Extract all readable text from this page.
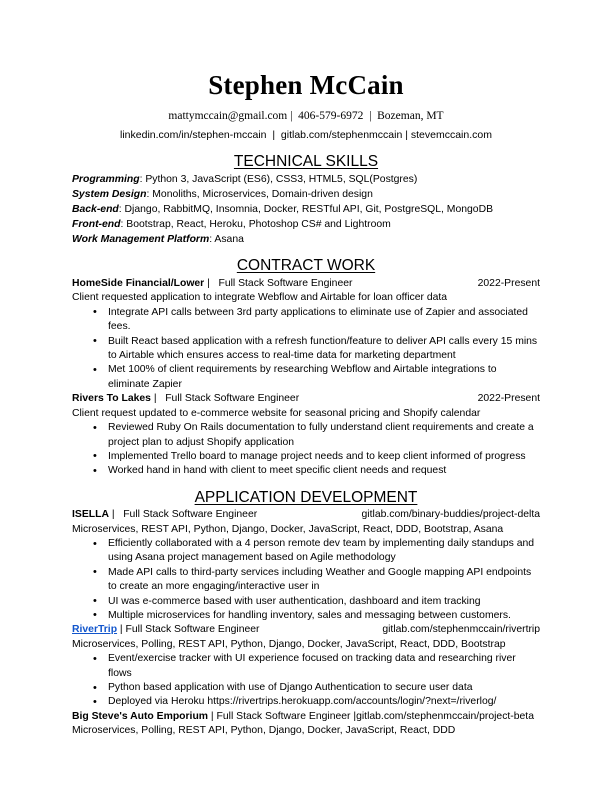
Stephen McCain
mattymccain@gmail.com |  406-579-6972  |  Bozeman, MT
linkedin.com/in/stephen-mccain  |  gitlab.com/stephenmccain | stevemccain.com
TECHNICAL SKILLS

Programming: Python 3, JavaScript (ES6), CSS3, HTML5, SQL(Postgres)

System Design: Monoliths, Microservices, Domain-driven design

Back-end: Django, RabbitMQ, Insomnia, Docker, RESTful API, Git, PostgreSQL, MongoDB

Front-end: Bootstrap, React, Heroku, Photoshop CS# and Lightroom

Work Management Platform: Asana

CONTRACT WORK
HomeSide Financial/Lower | Full Stack Software Engineer	2022-Present

Client requested application to integrate Webflow and Airtable for loan officer data

• Integrate API calls between 3rd party applications to eliminate use of Zapier and associated fees.
• Built React based application with a refresh function/feature to deliver API calls every 15 mins to Airtable which ensures access to real-time data for marketing department
• Met 100% of client requirements by researching Webflow and Airtable integrations to eliminate Zapier
Rivers To Lakes | Full Stack Software Engineer	2022-Present

Client request updated to e-commerce website for seasonal pricing and Shopify calendar

• Reviewed Ruby On Rails documentation to fully understand client requirements and create a project plan to adjust Shopify application
• Implemented Trello board to manage project needs and to keep client informed of progress
• Worked hand in hand with client to meet specific client needs and request
APPLICATION DEVELOPMENT
ISELLA | Full Stack Software Engineer	gitlab.com/binary-buddies/project-delta

Microservices, REST API, Python, Django, Docker, JavaScript, React, DDD, Bootstrap, Asana

• Efficiently collaborated with a 4 person remote dev team by implementing daily standups and using Asana project management based on Agile methodology
• Made API calls to third-party services including Weather and Google mapping API endpoints to create an more engaging/interactive user in
• UI was e-commerce based with user authentication, dashboard and item tracking
• Multiple microservices for handling inventory, sales and messaging between customers.
RiverTrip | Full Stack Software Engineer	gitlab.com/stephenmccain/rivertrip

Microservices, Polling, REST API, Python, Django, Docker, JavaScript, React, DDD, Bootstrap

• Event/exercise tracker with UI experience focused on tracking data and researching river flows
• Python based application with use of Django Authentication to secure user data
• Deployed via Heroku https://rivertrips.herokuapp.com/accounts/login/?next=/riverlog/
Big Steve's Auto Emporium | Full Stack Software Engineer |gitlab.com/stephenmccain/project-beta

Microservices, Polling, REST API, Python, Django, Docker, JavaScript, React, DDD
